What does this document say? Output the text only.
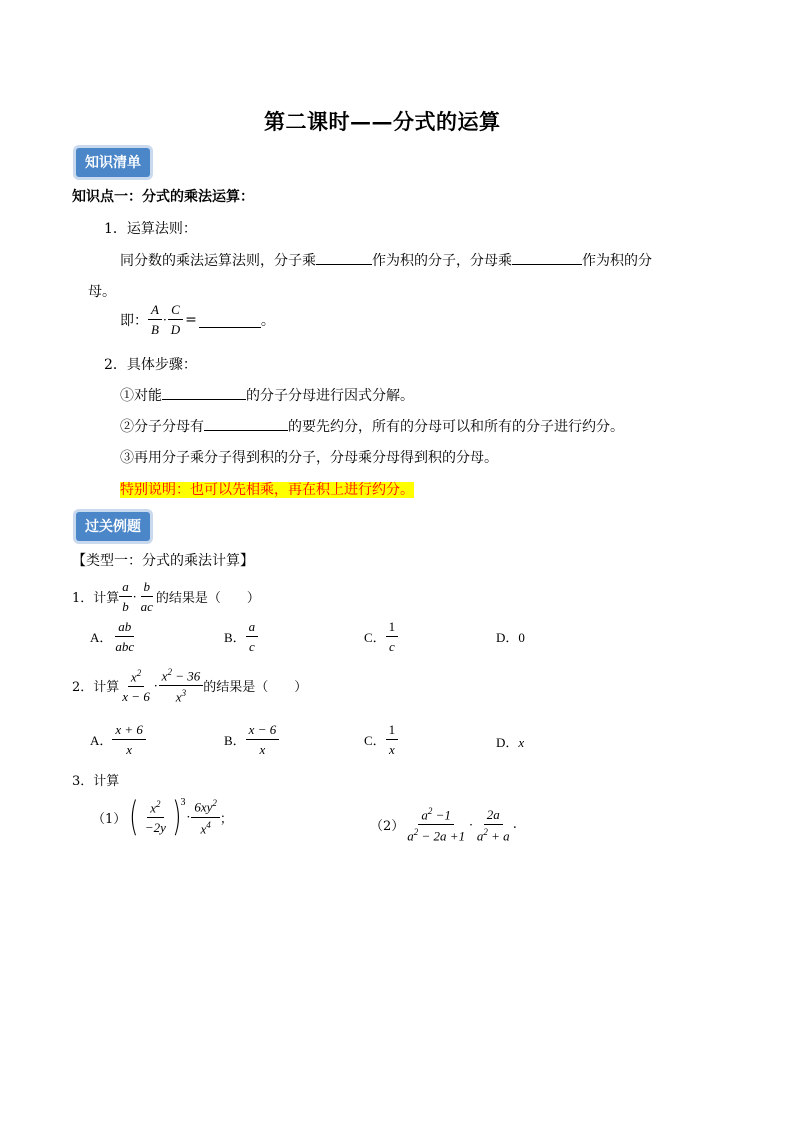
第二课时——分式的运算
知识清单
知识点一：分式的乘法运算：
1．运算法则：
同分数的乘法运算法则，分子乘	作为积的分子，分母乘	作为积的分
母。
即： $\frac{A}{B} \cdot \frac{C}{D}$ =	。
2．具体步骤：
①对能	的分子分母进行因式分解。
②分子分母有	的要先约分，所有的分母可以和所有的分子进行约分。
③再用分子乘分子得到积的分子，分母乘分母得到积的分母。
特别说明：也可以先相乘，再在积上进行约分。
过关例题
【类型一：分式的乘法计算】
1．计算 $\frac{a}{b} \cdot \frac{b}{ac}$ 的结果是（　　）
A． $\frac{ab}{\text{abc}}$	B． $\frac{a}{c}$	C． $\frac{1}{c}$	D．0
2．计算 $\frac{x^2}{x - 6} \cdot \frac{x^2 - 36}{x^3}$ 的结果是（　　）
A． $\frac{x + 6}{x}$	B． $\frac{x - 6}{x}$	C． $\frac{1}{x}$	D．x
3．计算
（1） ( $\frac{x^2}{-2y}$ ) 3
· $\frac{6xy^2}{x^4}$ ；
$(2) \frac{a^2 -1}{a^2 - 2a +1} \cdot \frac{2a}{a^2 + a}$ .
